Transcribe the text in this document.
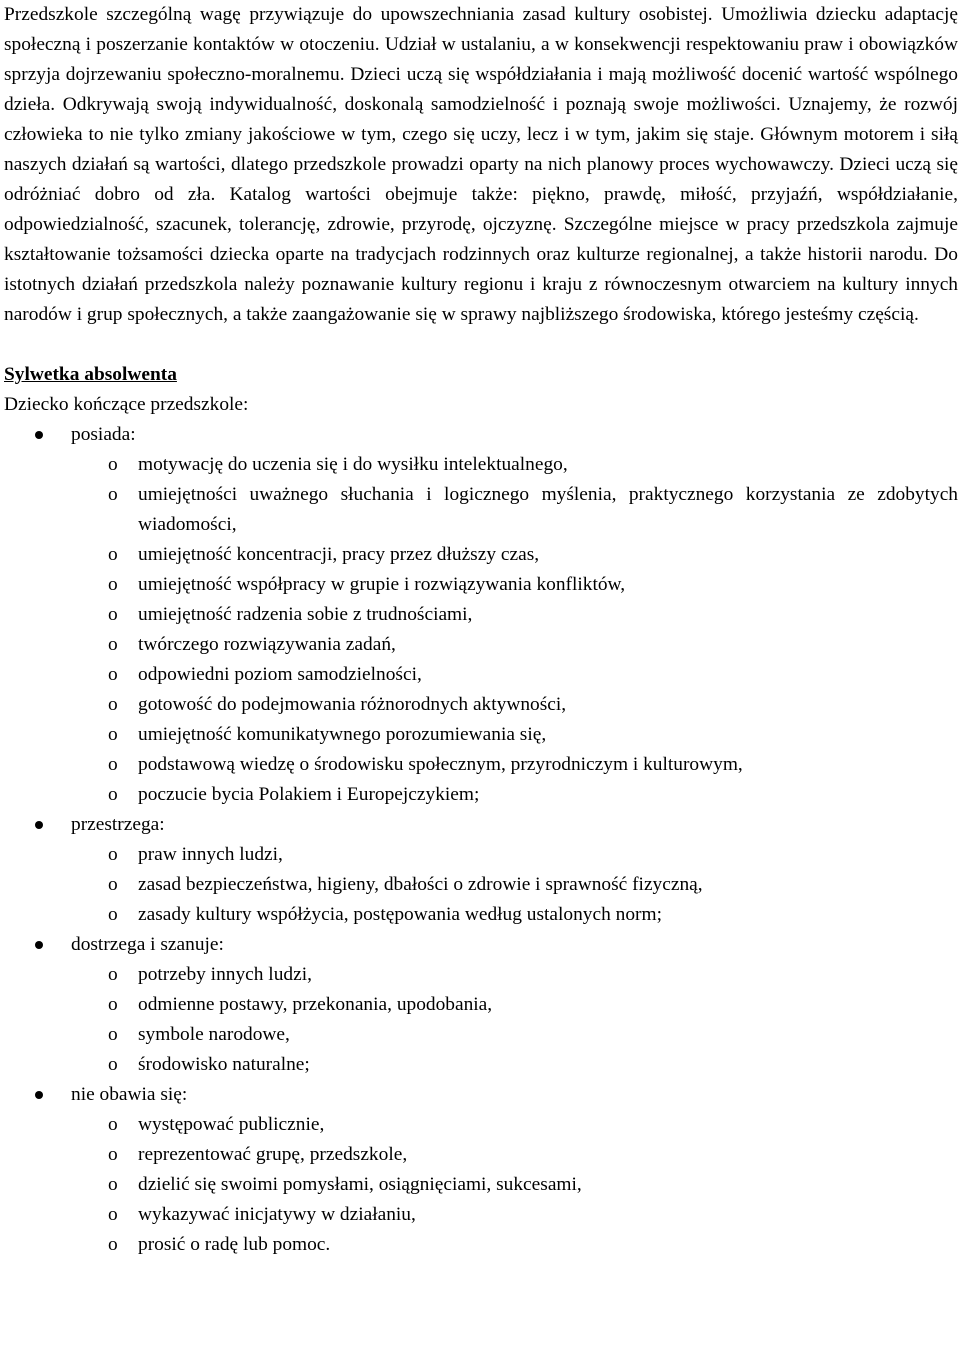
Przedszkole szczególną wagę przywiązuje do upowszechniania zasad kultury osobistej. Umożliwia dziecku adaptację społeczną i poszerzanie kontaktów w otoczeniu. Udział w ustalaniu, a w konsekwencji respektowaniu praw i obowiązków sprzyja dojrzewaniu społeczno-moralnemu. Dzieci uczą się współdziałania i mają możliwość docenić wartość wspólnego dzieła. Odkrywają swoją indywidualność, doskonalą samodzielność i poznają swoje możliwości. Uznajemy, że rozwój człowieka to nie tylko zmiany jakościowe w tym, czego się uczy, lecz i w tym, jakim się staje. Głównym motorem i siłą naszych działań są wartości, dlatego przedszkole prowadzi oparty na nich planowy proces wychowawczy. Dzieci uczą się odróżniać dobro od zła. Katalog wartości obejmuje także: piękno, prawdę, miłość, przyjaźń, współdziałanie, odpowiedzialność, szacunek, tolerancję, zdrowie, przyrodę, ojczyznę. Szczególne miejsce w pracy przedszkola zajmuje kształtowanie tożsamości dziecka oparte na tradycjach rodzinnych oraz kulturze regionalnej, a także historii narodu. Do istotnych działań przedszkola należy poznawanie kultury regionu i kraju z równoczesnym otwarciem na kultury innych narodów i grup społecznych, a także zaangażowanie się w sprawy najbliższego środowiska, którego jesteśmy częścią.

Sylwetka absolwenta
Dziecko kończące przedszkole:
posiada:
o motywację do uczenia się i do wysiłku intelektualnego,
o umiejętności uważnego słuchania i logicznego myślenia, praktycznego korzystania ze zdobytych wiadomości,
o umiejętność koncentracji, pracy przez dłuższy czas,
o umiejętność współpracy w grupie i rozwiązywania konfliktów,
o umiejętność radzenia sobie z trudnościami,
o twórczego rozwiązywania zadań,
o odpowiedni poziom samodzielności,
o gotowość do podejmowania różnorodnych aktywności,
o umiejętność komunikatywnego porozumiewania się,
o podstawową wiedzę o środowisku społecznym, przyrodniczym i kulturowym,
o poczucie bycia Polakiem i Europejczykiem;
przestrzega:
o praw innych ludzi,
o zasad bezpieczeństwa, higieny, dbałości o zdrowie i sprawność fizyczną,
o zasady kultury współżycia, postępowania według ustalonych norm;
dostrzega i szanuje:
o potrzeby innych ludzi,
o odmienne postawy, przekonania, upodobania,
o symbole narodowe,
o środowisko naturalne;
nie obawia się:
o występować publicznie,
o reprezentować grupę, przedszkole,
o dzielić się swoimi pomysłami, osiągnięciami, sukcesami,
o wykazywać inicjatywy w działaniu,
o prosić o radę lub pomoc.
